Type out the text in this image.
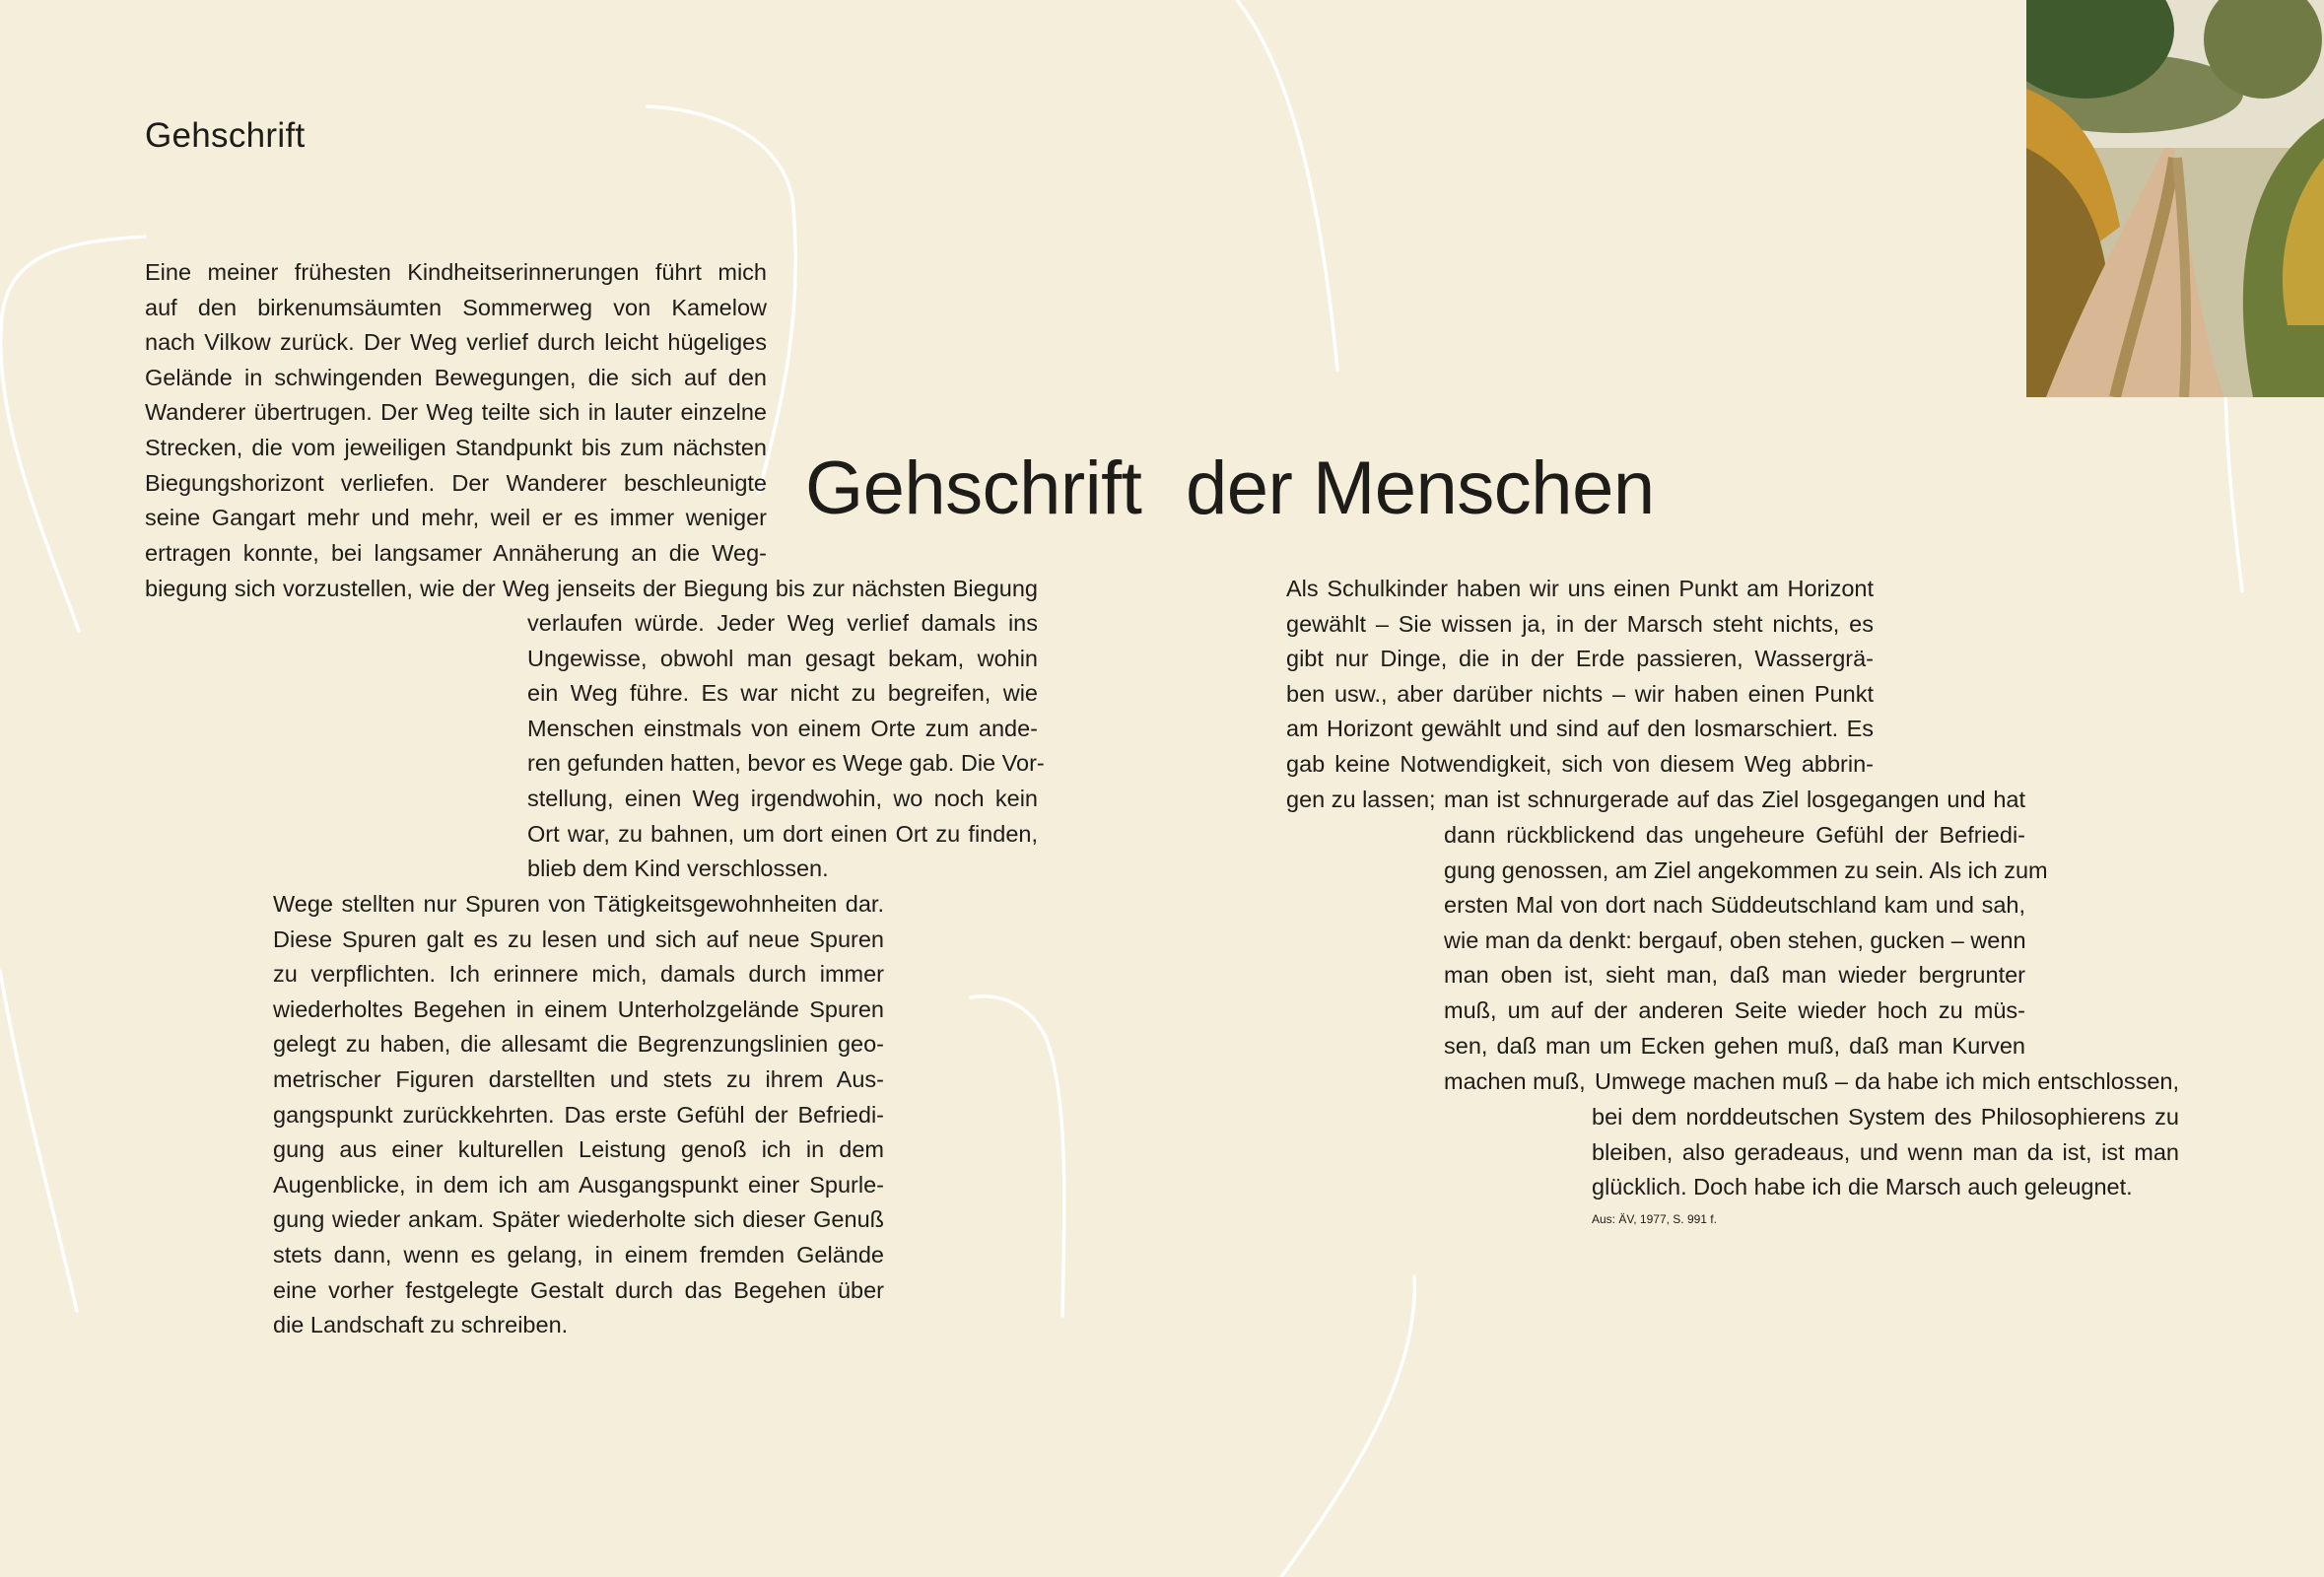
Gehschrift
Gehschrift der Menschen
Eine meiner frühesten Kindheitserinnerungen führt mich
auf den birkenumsäumten Sommerweg von Kamelow
nach Vilkow zurück. Der Weg verlief durch leicht hügeliges
Gelände in schwingenden Bewegungen, die sich auf den
Wanderer übertrugen. Der Weg teilte sich in lauter einzelne
Strecken, die vom jeweiligen Standpunkt bis zum nächsten
Biegungshorizont verliefen. Der Wanderer beschleunigte
seine Gangart mehr und mehr, weil er es immer weniger
ertragen konnte, bei langsamer Annäherung an die Weg-
biegung sich vorzustellen, wie der Weg jenseits der Biegung bis zur nächsten Biegung
verlaufen würde. Jeder Weg verlief damals ins
Ungewisse, obwohl man gesagt bekam, wohin
ein Weg führe. Es war nicht zu begreifen, wie
Menschen einstmals von einem Orte zum ande-
ren gefunden hatten, bevor es Wege gab. Die Vor-
stellung, einen Weg irgendwohin, wo noch kein
Ort war, zu bahnen, um dort einen Ort zu finden,
blieb dem Kind verschlossen.
Wege stellten nur Spuren von Tätigkeitsgewohnheiten dar.
Diese Spuren galt es zu lesen und sich auf neue Spuren
zu verpflichten. Ich erinnere mich, damals durch immer
wiederholtes Begehen in einem Unterholzgelände Spuren
gelegt zu haben, die allesamt die Begrenzungslinien geo-
metrischer Figuren darstellten und stets zu ihrem Aus-
gangspunkt zurückkehrten. Das erste Gefühl der Befriedi-
gung aus einer kulturellen Leistung genoß ich in dem
Augenblicke, in dem ich am Ausgangspunkt einer Spurle-
gung wieder ankam. Später wiederholte sich dieser Genuß
stets dann, wenn es gelang, in einem fremden Gelände
eine vorher festgelegte Gestalt durch das Begehen über
die Landschaft zu schreiben.
Als Schulkinder haben wir uns einen Punkt am Horizont
gewählt – Sie wissen ja, in der Marsch steht nichts, es
gibt nur Dinge, die in der Erde passieren, Wassergrä-
ben usw., aber darüber nichts – wir haben einen Punkt
am Horizont gewählt und sind auf den losmarschiert. Es
gab keine Notwendigkeit, sich von diesem Weg abbrin-
gen zu lassen; man ist schnurgerade auf das Ziel losgegangen und hat
dann rückblickend das ungeheure Gefühl der Befriedi-
gung genossen, am Ziel angekommen zu sein. Als ich zum
ersten Mal von dort nach Süddeutschland kam und sah,
wie man da denkt: bergauf, oben stehen, gucken – wenn
man oben ist, sieht man, daß man wieder bergrunter
muß, um auf der anderen Seite wieder hoch zu müs-
sen, daß man um Ecken gehen muß, daß man Kurven
machen muß, Umwege machen muß – da habe ich mich entschlossen,
bei dem norddeutschen System des Philosophierens zu
bleiben, also geradeaus, und wenn man da ist, ist man
glücklich. Doch habe ich die Marsch auch geleugnet.
Aus: ÄV, 1977, S. 991 f.
